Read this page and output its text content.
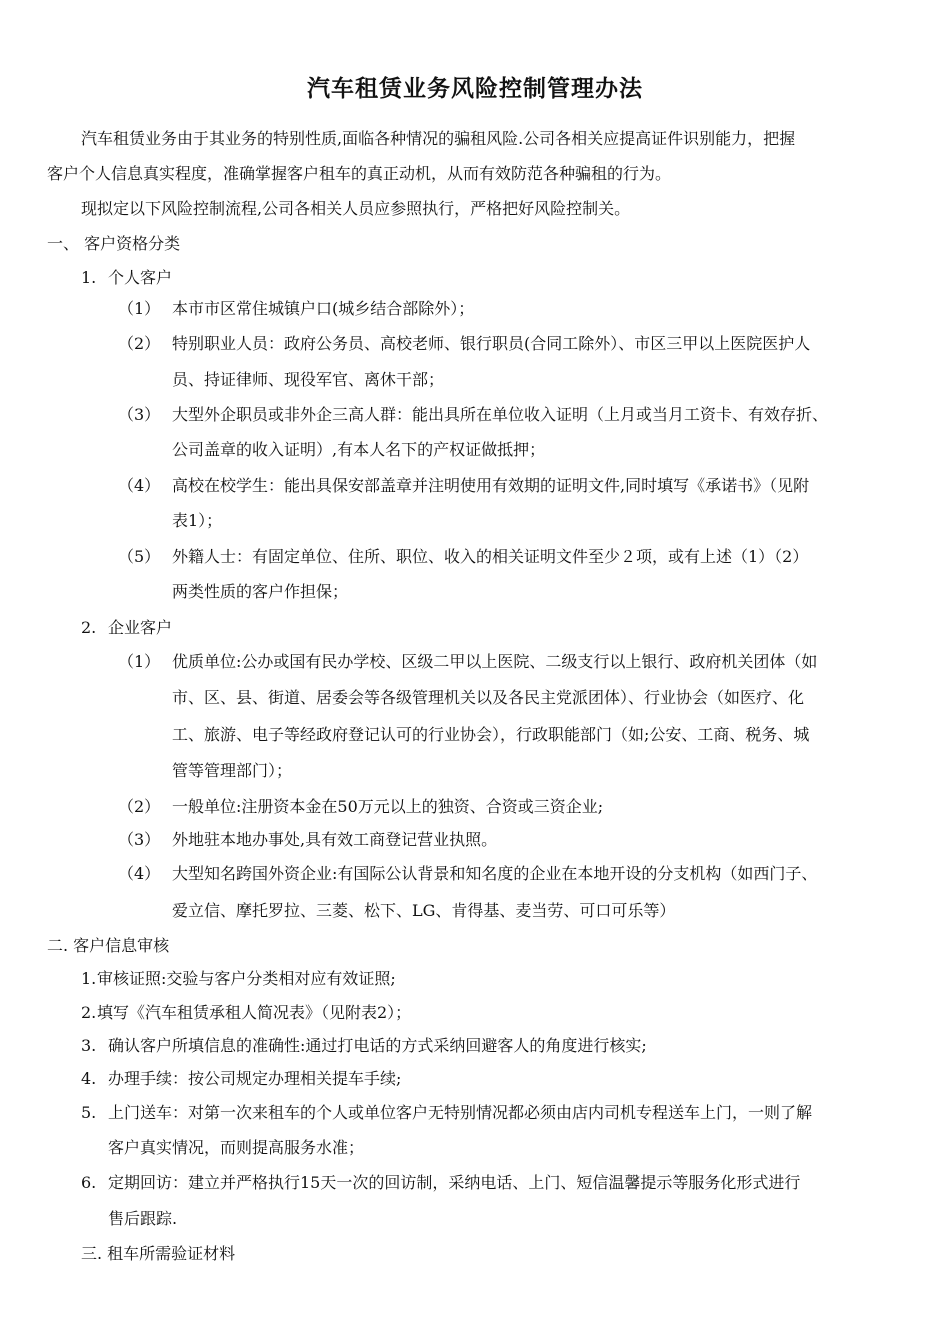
汽车租赁业务风险控制管理办法
汽车租赁业务由于其业务的特别性质,面临各种情况的骗租风险.公司各相关应提高证件识别能力，把握
客户个人信息真实程度，准确掌握客户租车的真正动机，从而有效防范各种骗租的行为。
现拟定以下风险控制流程,公司各相关人员应参照执行，严格把好风险控制关。
一、 客户资格分类
1. 个人客户
（1） 本市市区常住城镇户口(城乡结合部除外）；
（2） 特别职业人员：政府公务员、高校老师、银行职员(合同工除外）、市区三甲以上医院医护人
员、持证律师、现役军官、离休干部；
（3） 大型外企职员或非外企三高人群：能出具所在单位收入证明（上月或当月工资卡、有效存折、
公司盖章的收入证明）,有本人名下的产权证做抵押；
（4） 高校在校学生：能出具保安部盖章并注明使用有效期的证明文件,同时填写《承诺书》（见附
表1）；
（5） 外籍人士：有固定单位、住所、职位、收入的相关证明文件至少２项，或有上述（1）（2）
两类性质的客户作担保；
2. 企业客户
（1） 优质单位:公办或国有民办学校、区级二甲以上医院、二级支行以上银行、政府机关团体（如
市、区、县、街道、居委会等各级管理机关以及各民主党派团体）、行业协会（如医疗、化
工、旅游、电子等经政府登记认可的行业协会），行政职能部门（如;公安、工商、税务、城
管等管理部门）；
（2） 一般单位:注册资本金在50万元以上的独资、合资或三资企业;
（3） 外地驻本地办事处,具有效工商登记营业执照。
（4） 大型知名跨国外资企业:有国际公认背景和知名度的企业在本地开设的分支机构（如西门子、
爱立信、摩托罗拉、三菱、松下、LG、肯得基、麦当劳、可口可乐等）
二. 客户信息审核
1. 审核证照:交验与客户分类相对应有效证照;
2. 填写《汽车租赁承租人简况表》（见附表2）；
3. 确认客户所填信息的准确性:通过打电话的方式采纳回避客人的角度进行核实;
4. 办理手续：按公司规定办理相关提车手续;
5. 上门送车：对第一次来租车的个人或单位客户无特别情况都必须由店内司机专程送车上门，一则了解
客户真实情况，而则提高服务水准；
6. 定期回访：建立并严格执行15天一次的回访制，采纳电话、上门、短信温馨提示等服务化形式进行
售后跟踪.
三. 租车所需验证材料
